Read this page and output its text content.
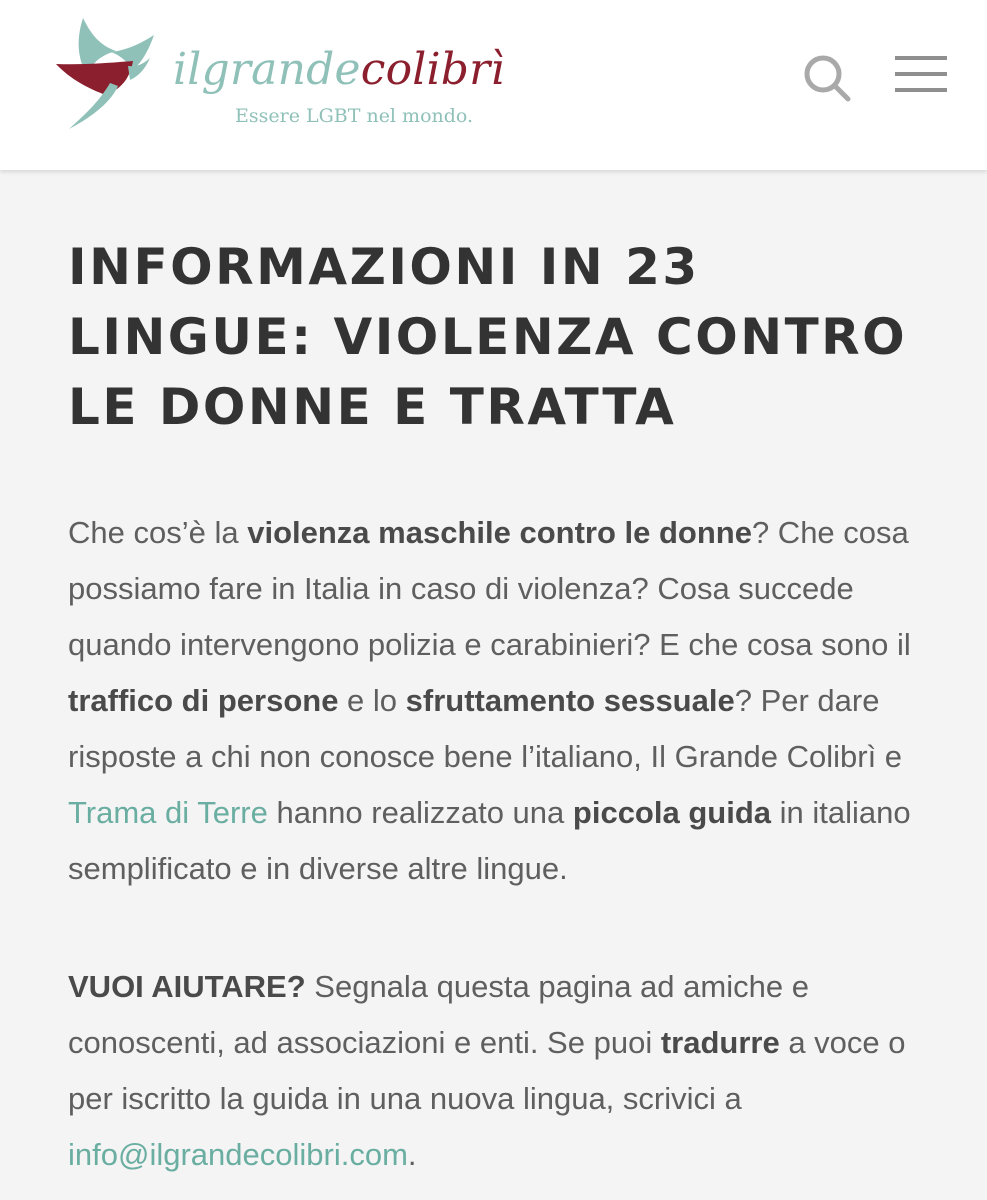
ilgrandecolibrì
Essere LGBT nel mondo.
INFORMAZIONI IN 23 LINGUE: VIOLENZA CONTRO LE DONNE E TRATTA

Che cos’è la violenza maschile contro le donne? Che cosa possiamo fare in Italia in caso di violenza? Cosa succede quando intervengono polizia e carabinieri? E che cosa sono il traffico di persone e lo sfruttamento sessuale? Per dare risposte a chi non conosce bene l’italiano, Il Grande Colibrì e Trama di Terre hanno realizzato una piccola guida in italiano semplificato e in diverse altre lingue.

VUOI AIUTARE? Segnala questa pagina ad amiche e conoscenti, ad associazioni e enti. Se puoi tradurre a voce o per iscritto la guida in una nuova lingua, scrivici a info@ilgrandecolibri.com.
